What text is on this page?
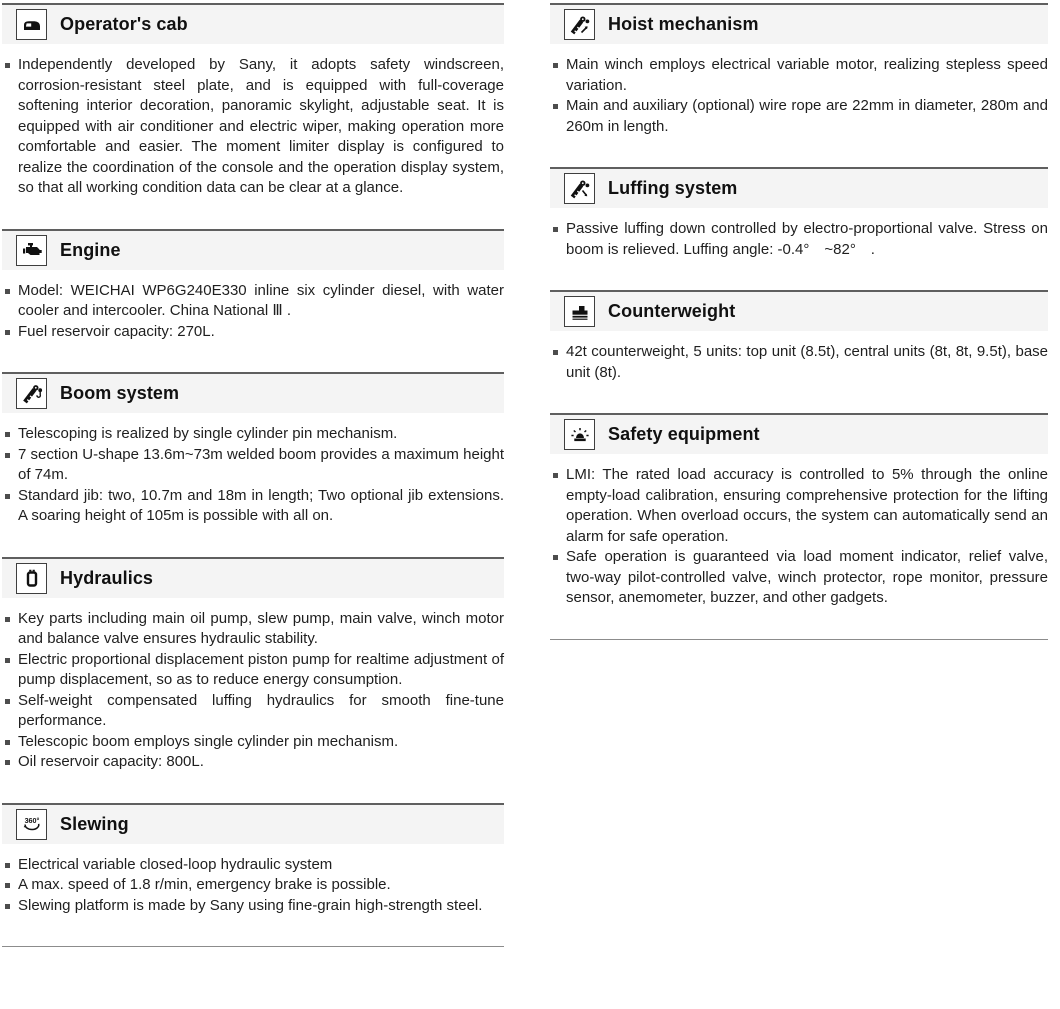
Operator's cab
Independently developed by Sany, it adopts safety windscreen, corrosion-resistant steel plate, and is equipped with full-coverage softening interior decoration, panoramic skylight, adjustable seat. It is equipped with air conditioner and electric wiper, making operation more comfortable and easier. The moment limiter display is configured to realize the coordination of the console and the operation display system, so that all working condition data can be clear at a glance.
Engine
Model: WEICHAI WP6G240E330 inline six cylinder diesel, with water cooler and intercooler. China National Ⅲ .
Fuel reservoir capacity: 270L.
Boom system
Telescoping is realized by single cylinder pin mechanism.
7 section U-shape 13.6m~73m welded boom provides a maximum height of 74m.
Standard jib: two, 10.7m and 18m in length; Two optional jib extensions. A soaring height of 105m is possible with all on.
Hydraulics
Key parts including main oil pump, slew pump, main valve, winch motor and balance valve ensures hydraulic stability.
Electric proportional displacement piston pump for realtime adjustment of pump displacement, so as to reduce energy consumption.
Self-weight compensated luffing hydraulics for smooth fine-tune performance.
Telescopic boom employs single cylinder pin mechanism.
Oil reservoir capacity: 800L.
360° Slewing
Electrical variable closed-loop hydraulic system
A max. speed of 1.8 r/min, emergency brake is possible.
Slewing platform is made by Sany using fine-grain high-strength steel.
Hoist mechanism
Main winch employs electrical variable motor, realizing stepless speed variation.
Main and auxiliary (optional) wire rope are 22mm in diameter, 280m and 260m in length.
Luffing system
Passive luffing down controlled by electro-proportional valve. Stress on boom is relieved. Luffing angle: -0.4°　~82°　.
Counterweight
42t counterweight, 5 units: top unit (8.5t), central units (8t, 8t, 9.5t), base unit (8t).
Safety equipment
LMI: The rated load accuracy is controlled to 5% through the online empty-load calibration, ensuring comprehensive protection for the lifting operation. When overload occurs, the system can automatically send an alarm for safe operation.
Safe operation is guaranteed via load moment indicator, relief valve, two-way pilot-controlled valve, winch protector, rope monitor, pressure sensor, anemometer, buzzer, and other gadgets.
